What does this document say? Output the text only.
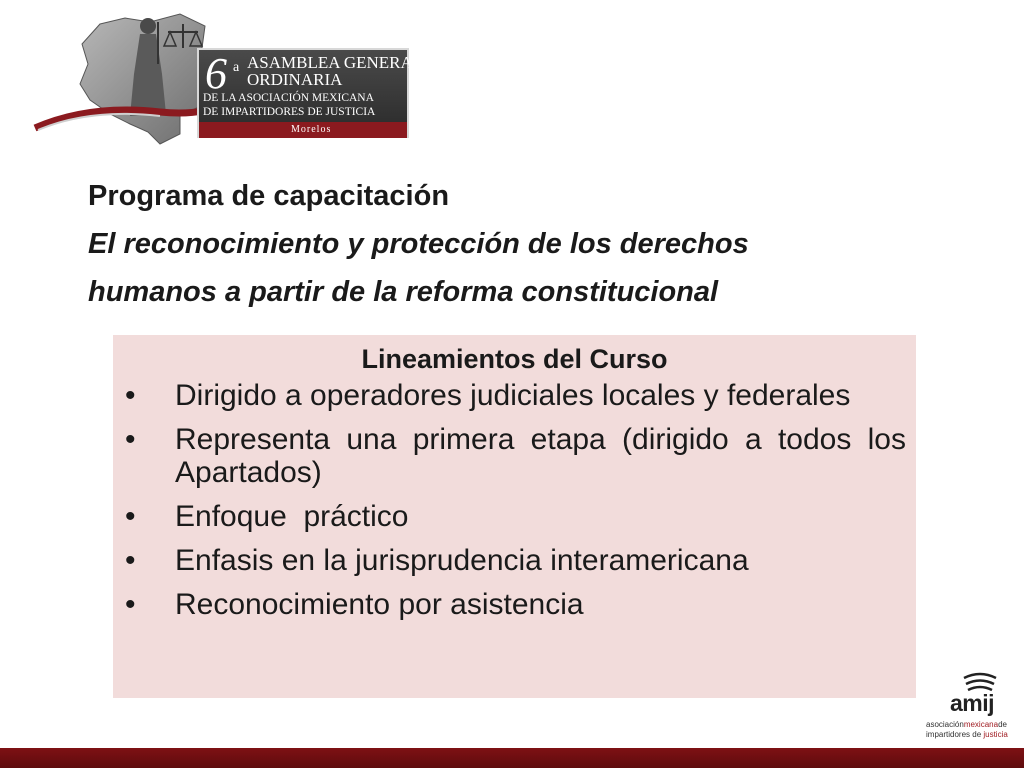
6 a ASAMBLEA GENERAL
ORDINARIA
DE LA ASOCIACIÓN MEXICANA
DE IMPARTIDORES DE JUSTICIA
Morelos

Programa de capacitación

El reconocimiento y protección de los derechos

humanos a partir de la reforma constitucional

Lineamientos del Curso

• Dirigido a operadores judiciales locales y federales
• Representa una primera etapa (dirigido a todos los Apartados)
• Enfoque  práctico
• Enfasis en la jurisprudencia interamericana
• Reconocimiento por asistencia
amij
asociaciónmexicanade
impartidores de justicia
